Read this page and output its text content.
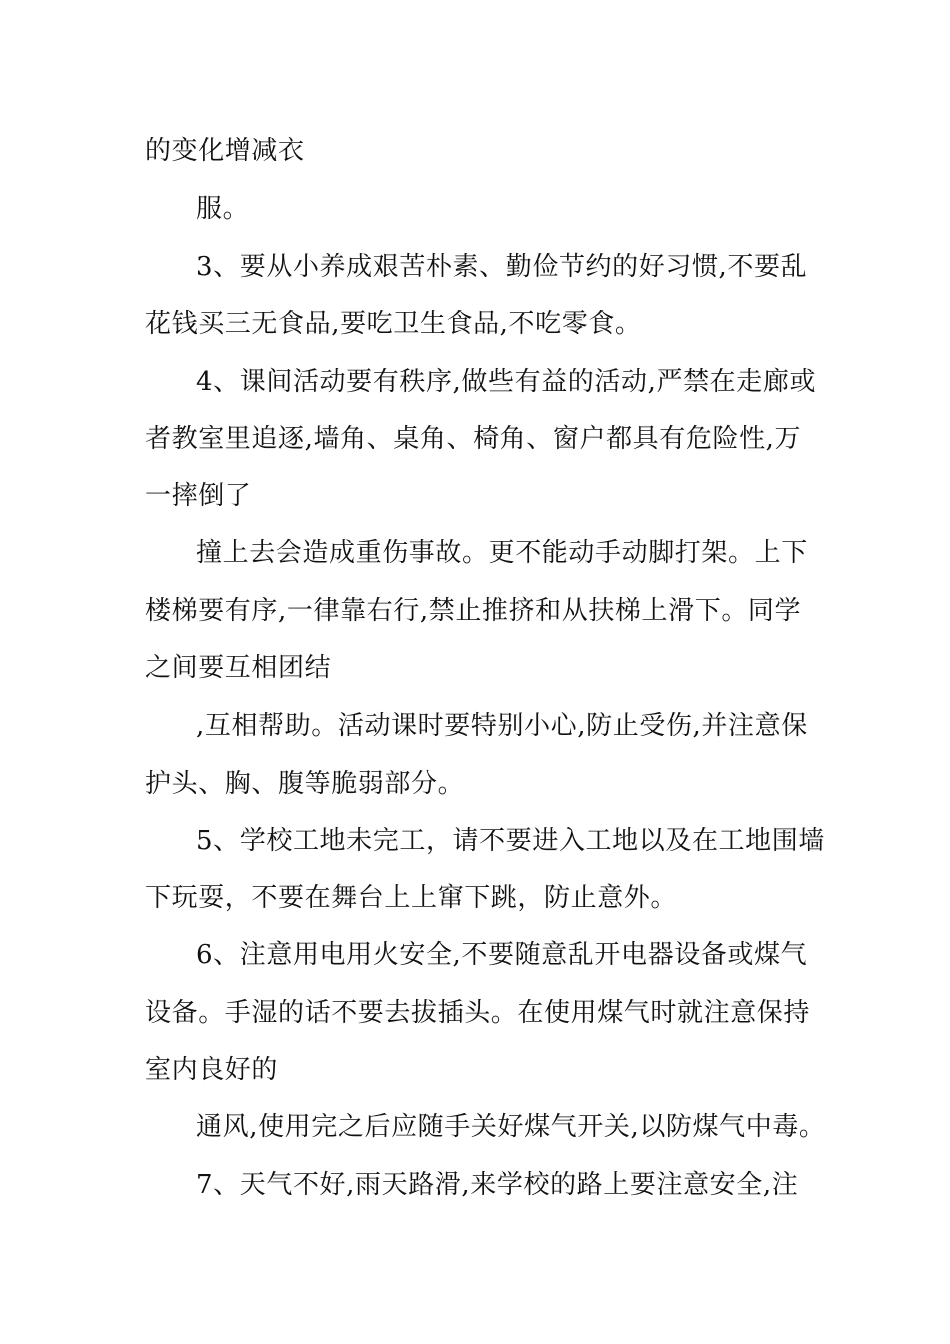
的变化增减衣
服。
3、要从小养成艰苦朴素、勤俭节约的好习惯,不要乱
花钱买三无食品,要吃卫生食品,不吃零食。
4、课间活动要有秩序,做些有益的活动,严禁在走廊或
者教室里追逐,墙角、桌角、椅角、窗户都具有危险性,万
一摔倒了
撞上去会造成重伤事故。更不能动手动脚打架。上下
楼梯要有序,一律靠右行,禁止推挤和从扶梯上滑下。同学
之间要互相团结
,互相帮助。活动课时要特别小心,防止受伤,并注意保
护头、胸、腹等脆弱部分。
5、学校工地未完工，请不要进入工地以及在工地围墙
下玩耍，不要在舞台上上窜下跳，防止意外。
6、注意用电用火安全,不要随意乱开电器设备或煤气
设备。手湿的话不要去拔插头。在使用煤气时就注意保持
室内良好的
通风,使用完之后应随手关好煤气开关,以防煤气中毒。
7、天气不好,雨天路滑,来学校的路上要注意安全,注
